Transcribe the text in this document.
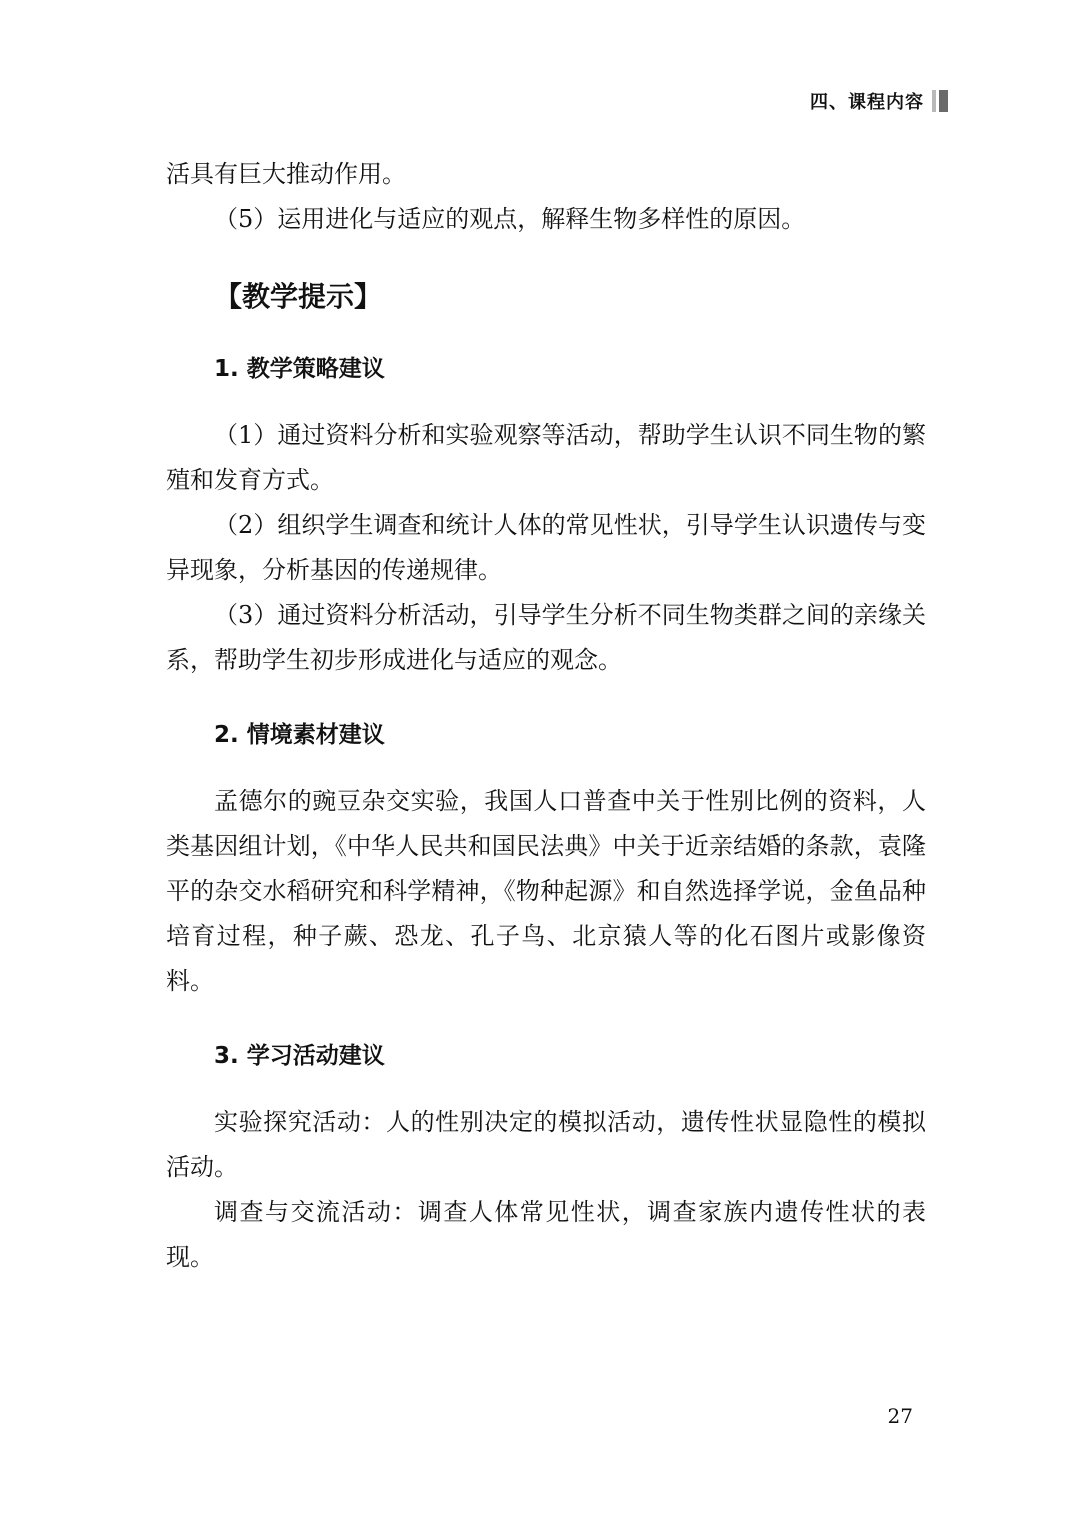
四、课程内容

活具有巨大推动作用。

（5）运用进化与适应的观点，解释生物多样性的原因。

【教学提示】
1. 教学策略建议

（1）通过资料分析和实验观察等活动，帮助学生认识不同生物的繁殖和发育方式。

（2）组织学生调查和统计人体的常见性状，引导学生认识遗传与变异现象，分析基因的传递规律。

（3）通过资料分析活动，引导学生分析不同生物类群之间的亲缘关系，帮助学生初步形成进化与适应的观念。

2. 情境素材建议

孟德尔的豌豆杂交实验，我国人口普查中关于性别比例的资料，人类基因组计划，《中华人民共和国民法典》中关于近亲结婚的条款，袁隆平的杂交水稻研究和科学精神，《物种起源》和自然选择学说，金鱼品种培育过程，种子蕨、恐龙、孔子鸟、北京猿人等的化石图片或影像资料。

3. 学习活动建议

实验探究活动：人的性别决定的模拟活动，遗传性状显隐性的模拟活动。

调查与交流活动：调查人体常见性状，调查家族内遗传性状的表现。

27
